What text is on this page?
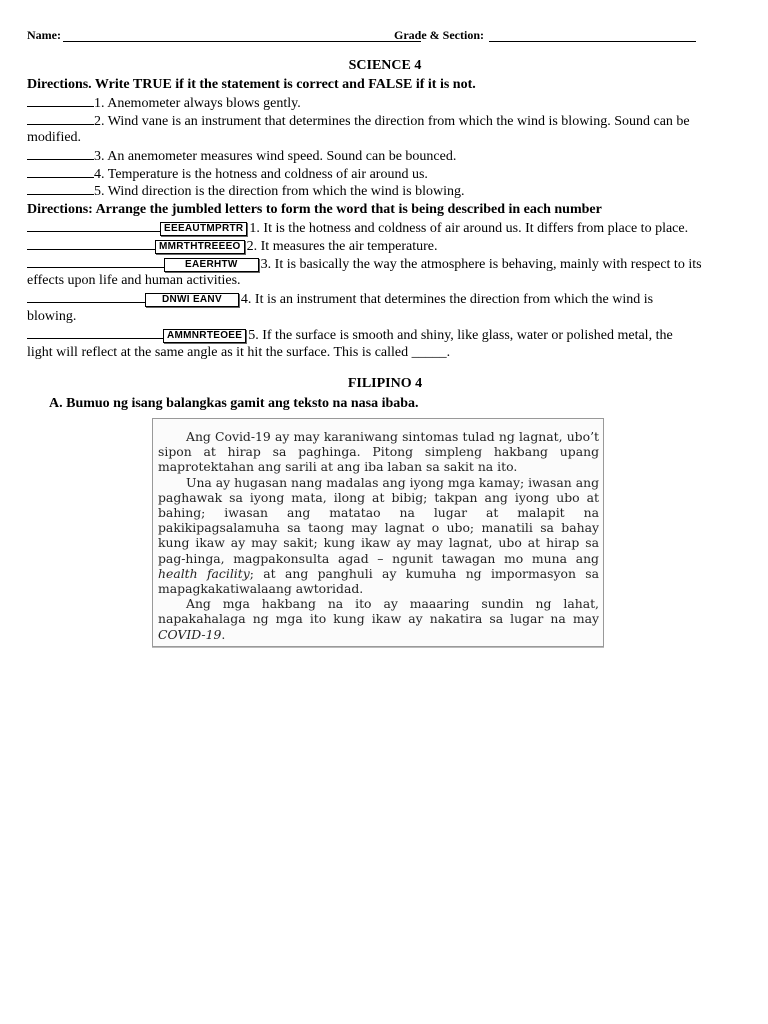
Name:	Grade & Section:
SCIENCE 4
Directions. Write TRUE if it the statement is correct and FALSE if it is not.
1. Anemometer always blows gently.
2. Wind vane is an instrument that determines the direction from which the wind is blowing. Sound can be
modified.
3. An anemometer measures wind speed. Sound can be bounced.
4. Temperature is the hotness and coldness of air around us.
5. Wind direction is the direction from which the wind is blowing.
Directions: Arrange the jumbled letters to form the word that is being described in each number
EEEAUTMPRTR 1. It is the hotness and coldness of air around us. It differs from place to place.
MMRTHTREEEO 2. It measures the air temperature.
EAERHTW 3. It is basically the way the atmosphere is behaving, mainly with respect to its
effects upon life and human activities.
DNWI EANV 4. It is an instrument that determines the direction from which the wind is
blowing.
AMMNRTEOEE 5. If the surface is smooth and shiny, like glass, water or polished metal, the
light will reflect at the same angle as it hit the surface. This is called _____.
FILIPINO 4
A. Bumuo ng isang balangkas gamit ang teksto na nasa ibaba.

Ang Covid-19 ay may karaniwang sintomas tulad ng lagnat, ubo’t sipon at hirap sa paghinga. Pitong simpleng hakbang upang maprotektahan ang sarili at ang iba laban sa sakit na ito.

Una ay hugasan nang madalas ang iyong mga kamay; iwasan ang paghawak sa iyong mata, ilong at bibig; takpan ang iyong ubo at bahing; iwasan ang matatao na lugar at malapit na pakikipagsalamuha sa taong may lagnat o ubo; manatili sa bahay kung ikaw ay may sakit; kung ikaw ay may lagnat, ubo at hirap sa pag-hinga, magpakonsulta agad – ngunit tawagan mo muna ang health facility; at ang panghuli ay kumuha ng impormasyon sa mapagkakatiwalaang awtoridad.

Ang mga hakbang na ito ay maaaring sundin ng lahat, napakahalaga ng mga ito kung ikaw ay nakatira sa lugar na may COVID-19.
